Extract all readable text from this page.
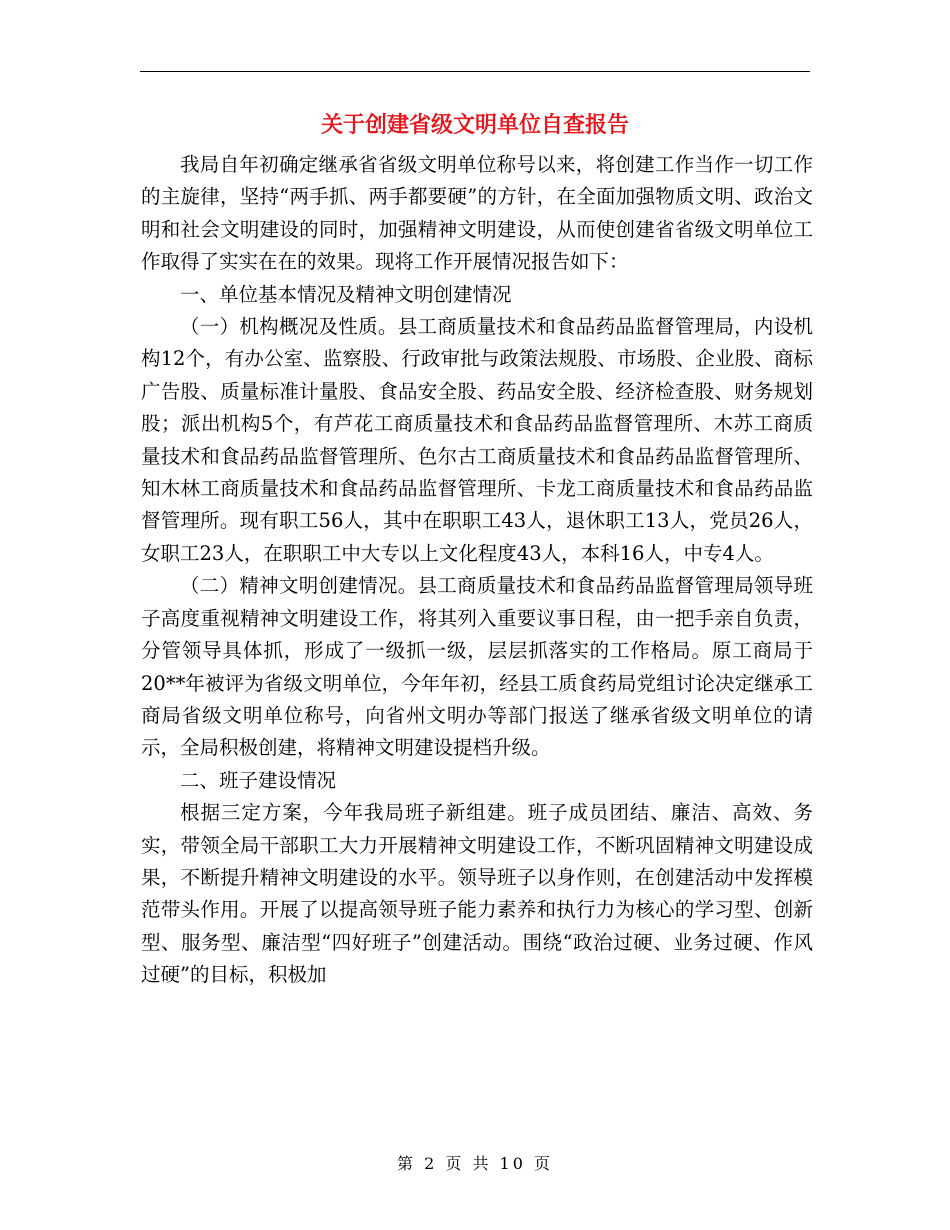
关于创建省级文明单位自查报告

我局自年初确定继承省省级文明单位称号以来，将创建工作当作一切工作的主旋律，坚持“两手抓、两手都要硬”的方针，在全面加强物质文明、政治文明和社会文明建设的同时，加强精神文明建设，从而使创建省省级文明单位工作取得了实实在在的效果。现将工作开展情况报告如下：

一、单位基本情况及精神文明创建情况

（一）机构概况及性质。县工商质量技术和食品药品监督管理局，内设机构12个，有办公室、监察股、行政审批与政策法规股、市场股、企业股、商标广告股、质量标准计量股、食品安全股、药品安全股、经济检查股、财务规划股；派出机构5个，有芦花工商质量技术和食品药品监督管理所、木苏工商质量技术和食品药品监督管理所、色尔古工商质量技术和食品药品监督管理所、知木林工商质量技术和食品药品监督管理所、卡龙工商质量技术和食品药品监督管理所。现有职工56人，其中在职职工43人，退休职工13人，党员26人，女职工23人，在职职工中大专以上文化程度43人，本科16人，中专4人。

（二）精神文明创建情况。县工商质量技术和食品药品监督管理局领导班子高度重视精神文明建设工作，将其列入重要议事日程，由一把手亲自负责，分管领导具体抓，形成了一级抓一级，层层抓落实的工作格局。原工商局于20**年被评为省级文明单位，今年年初，经县工质食药局党组讨论决定继承工商局省级文明单位称号，向省州文明办等部门报送了继承省级文明单位的请示，全局积极创建，将精神文明建设提档升级。

二、班子建设情况

根据三定方案，今年我局班子新组建。班子成员团结、廉洁、高效、务实，带领全局干部职工大力开展精神文明建设工作，不断巩固精神文明建设成果，不断提升精神文明建设的水平。领导班子以身作则，在创建活动中发挥模范带头作用。开展了以提高领导班子能力素养和执行力为核心的学习型、创新型、服务型、廉洁型“四好班子”创建活动。围绕“政治过硬、业务过硬、作风过硬”的目标，积极加

第 2 页 共 10 页
